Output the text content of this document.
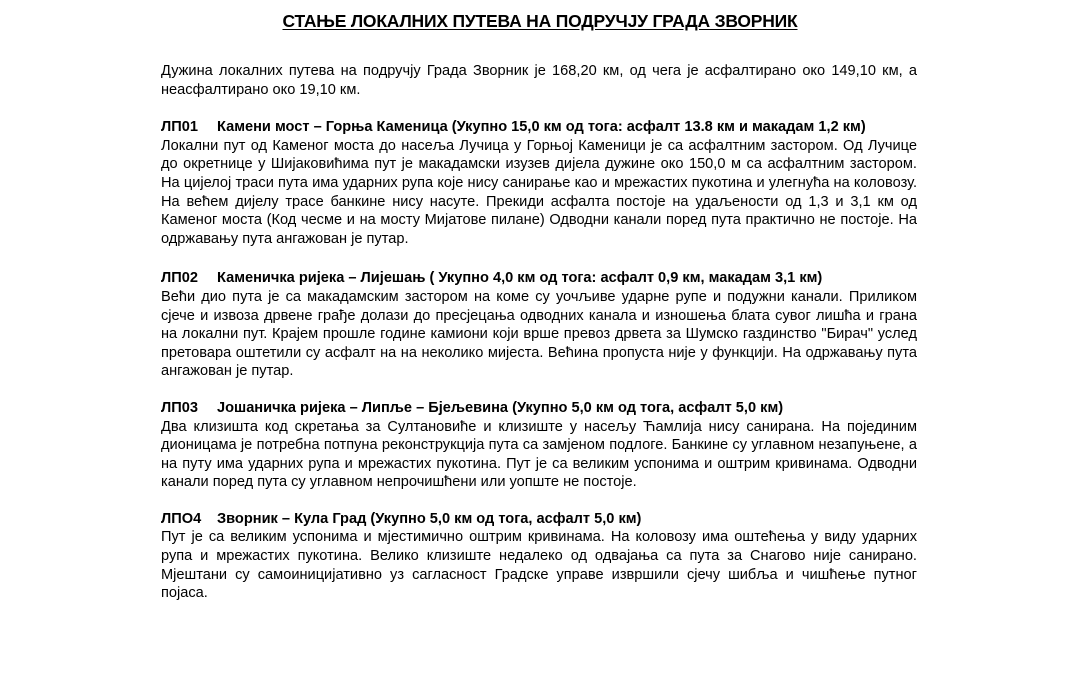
СТАЊЕ ЛОКАЛНИХ ПУТЕВА НА ПОДРУЧЈУ ГРАДА ЗВОРНИК

Дужина локалних путева на подручју Града Зворник је 168,20 км, од чега је асфалтирано око 149,10 км, а неасфалтирано око 19,10 км.

ЛП01 Камени мост – Горња Каменица (Укупно 15,0 км од тога: асфалт 13.8 км и макадам 1,2 км)

Локални пут од Каменог моста до насеља Лучица у Горњој Каменици је са асфалтним застором. Од Лучице до окретнице у Шијаковићима пут је макадамски изузев дијела дужине око 150,0 м са асфалтним застором. На цијелој траси пута има ударних рупа које нису санирање као и мрежастих пукотина и улегнућа на коловозу. На већем дијелу трасе банкине нису насуте. Прекиди асфалта постоје на удаљености од 1,3 и 3,1 км од Каменог моста (Код чесме и на мосту Мијатове пилане) Одводни канали поред пута практично не постоје. На одржавању пута ангажован је путар.

ЛП02 Каменичка ријека – Лијешањ ( Укупно 4,0 км од тога: асфалт 0,9 км, макадам 3,1 км)

Већи дио пута је са макадамским застором на коме су уочљиве ударне рупе и подужни канали. Приликом сјече и извоза дрвене грађе долази до пресјецања одводних канала и изношења блата сувог лишћа и грана на локални пут. Крајем прошле године камиони који врше превоз дрвета за Шумско газдинство "Бирач" услед претоварa оштетили су асфалт на на неколико мијеста. Већина пропуста није у функцији. На одржавању пута ангажован је путар.

ЛП03 Јошаничка ријека – Липље – Бјељевина (Укупно 5,0 км од тога, асфалт 5,0 км)

Два клизишта код скретања за Султановиће и клизиште у насељу Ћамлија нису санирана. На појединим дионицама је потребна потпуна реконструкција пута са замјеном подлоге. Банкине су углавном незапуњене, а на путу има ударних рупа и мрежастих пукотина. Пут је са великим успонима и оштрим кривинама. Одводни канали поред пута су углавном непрочишћени или уопште не постоје.

ЛПО4 Зворник – Кула Град (Укупно 5,0 км од тога, асфалт 5,0 км)

Пут је са великим успонима и мјестимично оштрим кривинама. На коловозу има оштећења у виду ударних рупа и мрежастих пукотина. Велико клизиште недалеко од одвајања са пута за Снагово није санирано. Мјештани су самоиницијативно уз сагласност Градске управе извршили сјечу шибља и чишћење путног појаса.
